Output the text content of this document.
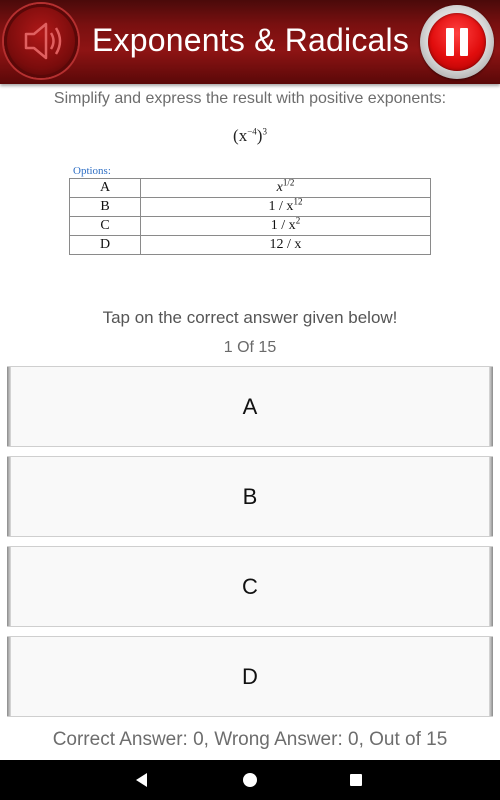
Exponents & Radicals
Simplify and express the result with positive exponents:
$(x^{-4})^3$
Options:
A	$x^{1/2}$
B	$1 / x^{12}$
C	$1 / x^2$
D	12 / x
Tap on the correct answer given below!
1 Of 15
A
B
C
D
Correct Answer: 0, Wrong Answer: 0, Out of 15
